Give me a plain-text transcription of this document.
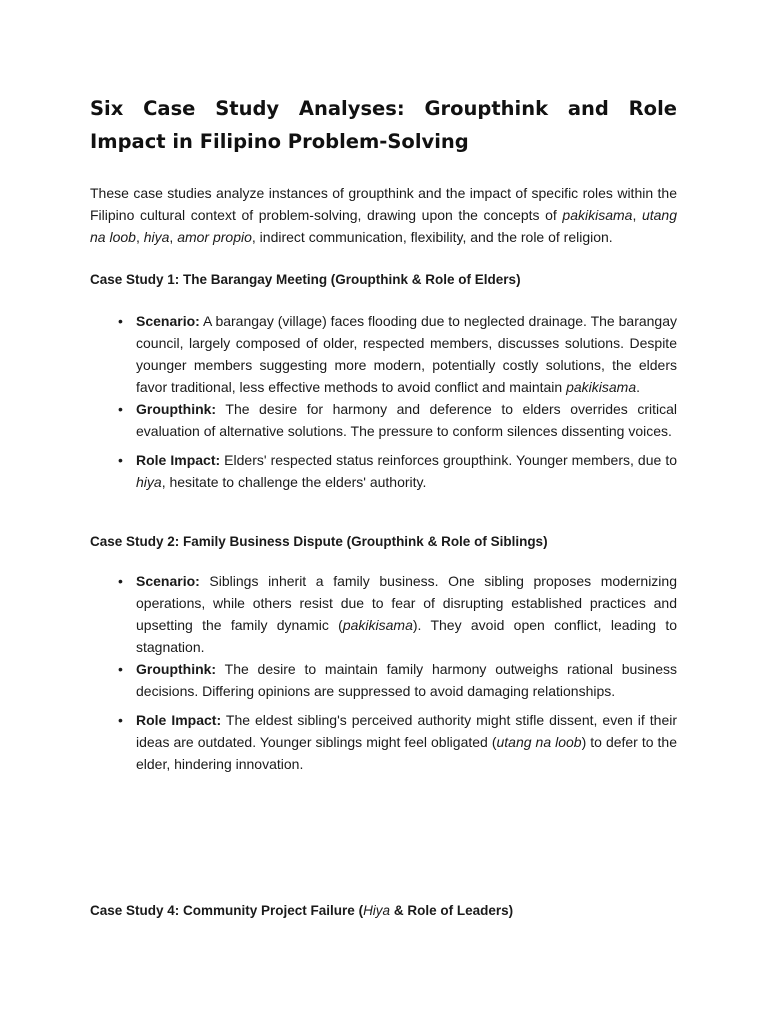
Six Case Study Analyses: Groupthink and Role Impact in Filipino Problem-Solving

These case studies analyze instances of groupthink and the impact of specific roles within the Filipino cultural context of problem-solving, drawing upon the concepts of pakikisama, utang na loob, hiya, amor propio, indirect communication, flexibility, and the role of religion.

Case Study 1: The Barangay Meeting (Groupthink & Role of Elders)
• Scenario: A barangay (village) faces flooding due to neglected drainage. The barangay council, largely composed of older, respected members, discusses solutions. Despite younger members suggesting more modern, potentially costly solutions, the elders favor traditional, less effective methods to avoid conflict and maintain pakikisama.
• Groupthink: The desire for harmony and deference to elders overrides critical evaluation of alternative solutions. The pressure to conform silences dissenting voices.
• Role Impact: Elders' respected status reinforces groupthink. Younger members, due to hiya, hesitate to challenge the elders' authority.
Case Study 2: Family Business Dispute (Groupthink & Role of Siblings)
• Scenario: Siblings inherit a family business. One sibling proposes modernizing operations, while others resist due to fear of disrupting established practices and upsetting the family dynamic (pakikisama). They avoid open conflict, leading to stagnation.
• Groupthink: The desire to maintain family harmony outweighs rational business decisions. Differing opinions are suppressed to avoid damaging relationships.
• Role Impact: The eldest sibling's perceived authority might stifle dissent, even if their ideas are outdated. Younger siblings might feel obligated (utang na loob) to defer to the elder, hindering innovation.
Case Study 4: Community Project Failure (Hiya & Role of Leaders)
